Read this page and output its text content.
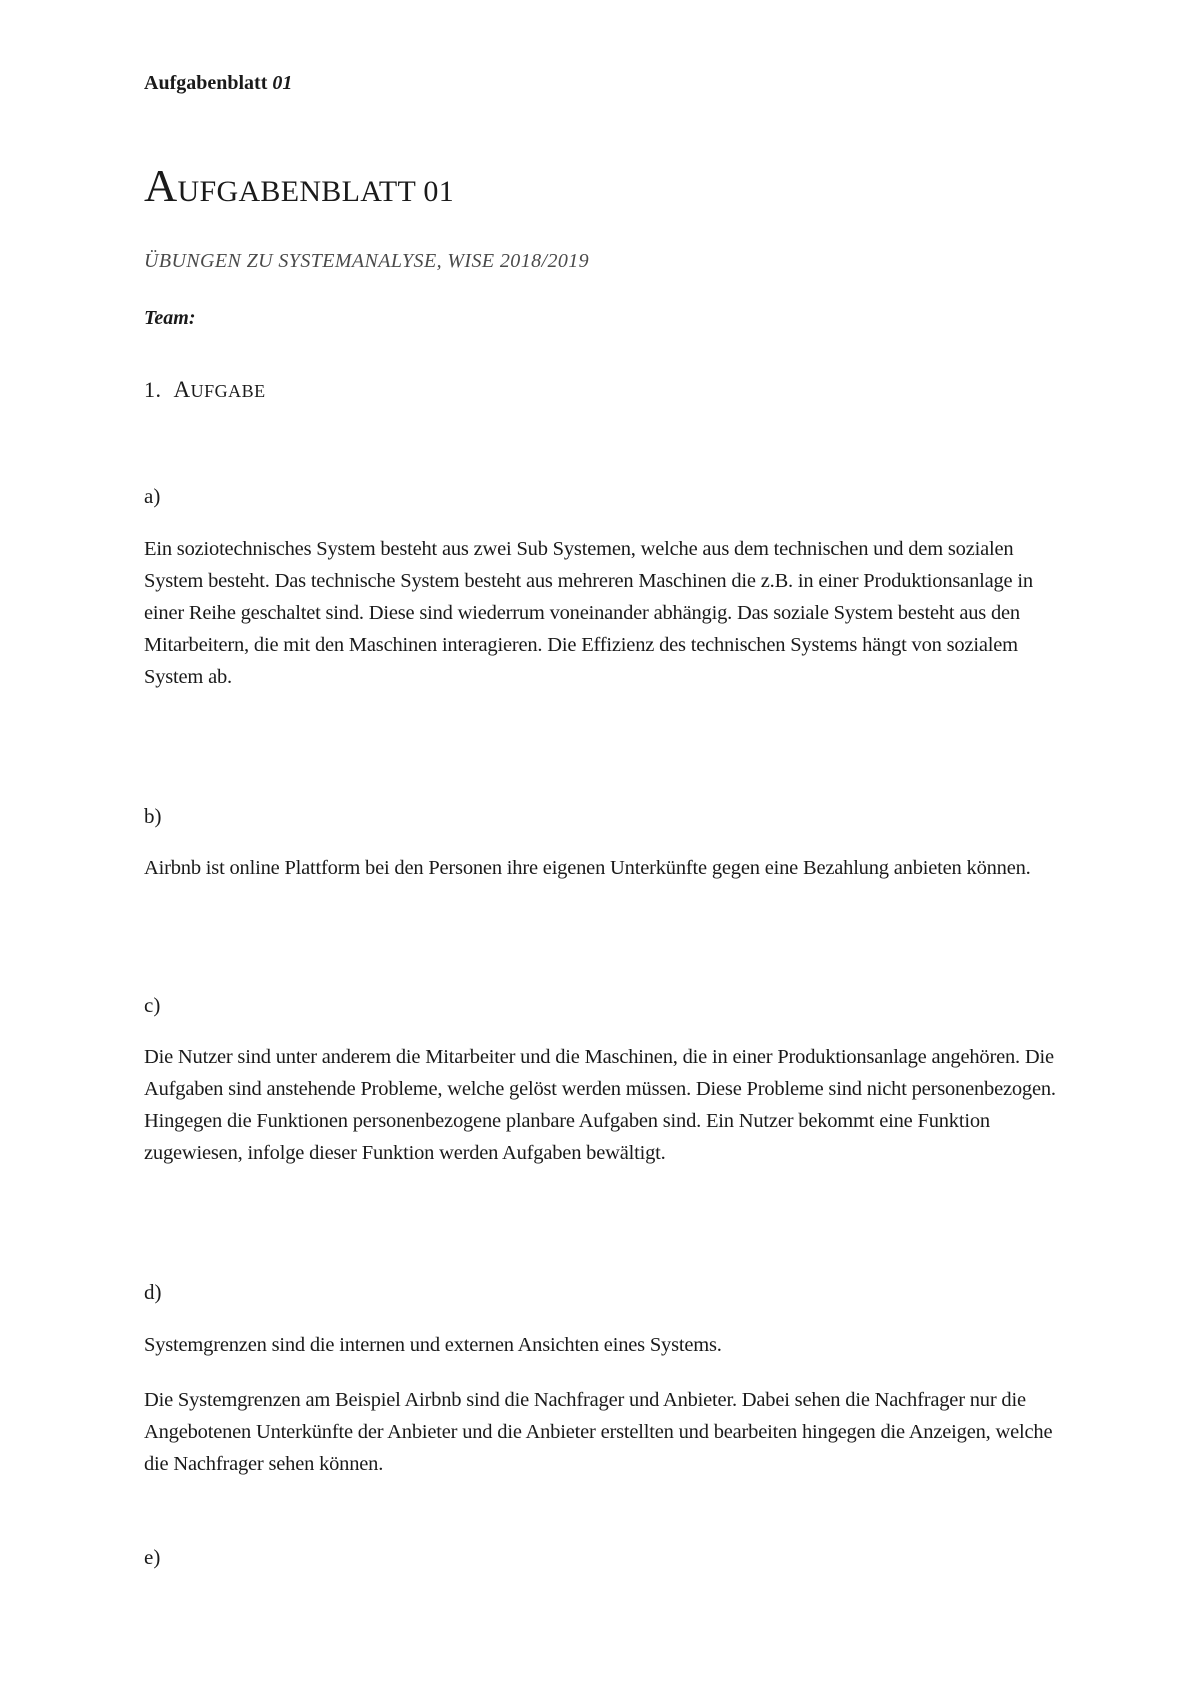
Aufgabenblatt 01
AUFGABENBLATT 01
ÜBUNGEN ZU SYSTEMANALYSE, WISE 2018/2019
Team:
1. AUFGABE
a)

Ein soziotechnisches System besteht aus zwei Sub Systemen, welche aus dem technischen und dem sozialen System besteht. Das technische System besteht aus mehreren Maschinen die z.B. in einer Produktionsanlage in einer Reihe geschaltet sind. Diese sind wiederrum voneinander abhängig. Das soziale System besteht aus den Mitarbeitern, die mit den Maschinen interagieren. Die Effizienz des technischen Systems hängt von sozialem System ab.

b)

Airbnb ist online Plattform bei den Personen ihre eigenen Unterkünfte gegen eine Bezahlung anbieten können.

c)

Die Nutzer sind unter anderem die Mitarbeiter und die Maschinen, die in einer Produktionsanlage angehören. Die Aufgaben sind anstehende Probleme, welche gelöst werden müssen. Diese Probleme sind nicht personenbezogen. Hingegen die Funktionen personenbezogene planbare Aufgaben sind. Ein Nutzer bekommt eine Funktion zugewiesen, infolge dieser Funktion werden Aufgaben bewältigt.

d)

Systemgrenzen sind die internen und externen Ansichten eines Systems.

Die Systemgrenzen am Beispiel Airbnb sind die Nachfrager und Anbieter. Dabei sehen die Nachfrager nur die Angebotenen Unterkünfte der Anbieter und die Anbieter erstellten und bearbeiten hingegen die Anzeigen, welche die Nachfrager sehen können.

e)
